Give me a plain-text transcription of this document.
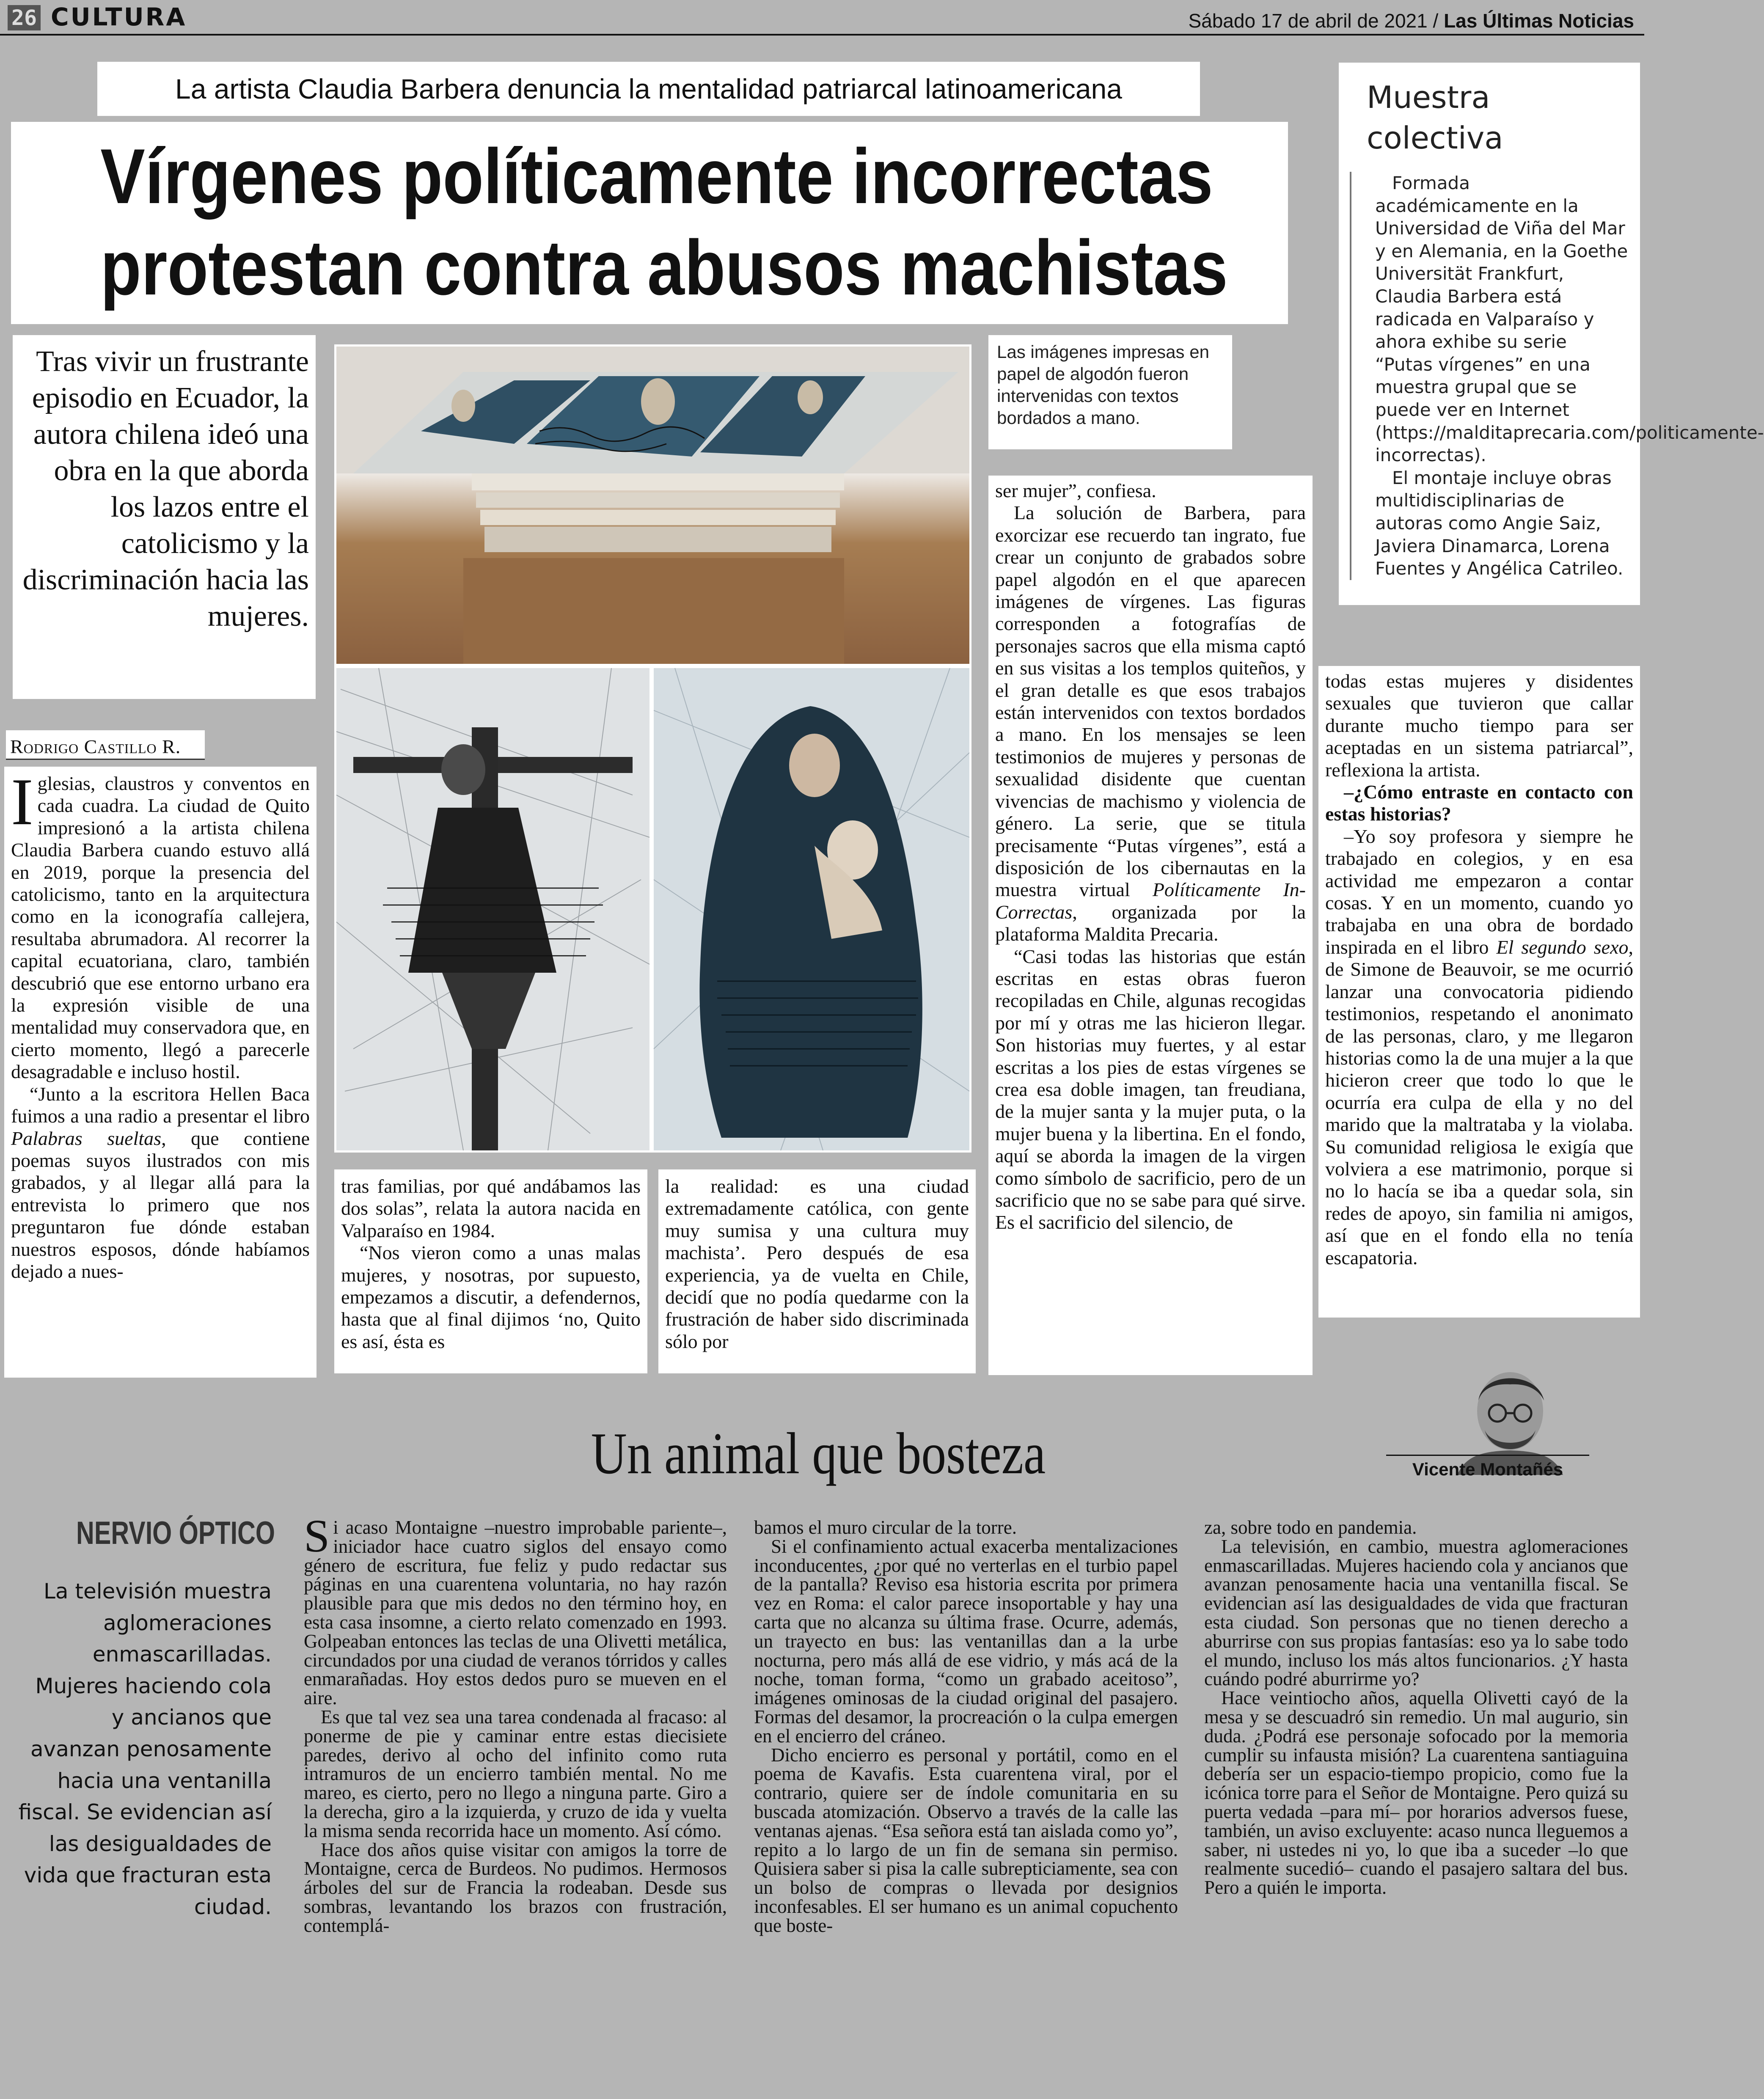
26 CULTURA	Sábado 17 de abril de 2021 / Las Últimas Noticias
La artista Claudia Barbera denuncia la mentalidad patriarcal latinoamericana
Vírgenes políticamente incorrectas
protestan contra abusos machistas
Tras vivir un frustrante episodio en Ecuador, la autora chilena ideó una obra en la que aborda los lazos entre el catolicismo y la discriminación hacia las mujeres.
Rodrigo Castillo R.

Iglesias, claustros y conventos en cada cuadra. La ciudad de Quito impresionó a la artista chilena Claudia Barbera cuando estuvo allá en 2019, porque la presencia del catolicismo, tanto en la arquitectura como en la iconografía callejera, resultaba abrumadora. Al recorrer la capital ecuatoriana, claro, también descubrió que ese entorno urbano era la expresión visible de una mentalidad muy conservadora que, en cierto momento, llegó a parecerle desagradable e incluso hostil.

“Junto a la escritora Hellen Baca fuimos a una radio a presentar el libro Palabras sueltas, que contiene poemas suyos ilustrados con mis grabados, y al llegar allá para la entrevista lo primero que nos preguntaron fue dónde estaban nuestros esposos, dónde habíamos dejado a nues-

Las imágenes impresas en papel de algodón fueron intervenidas con textos bordados a mano.

tras familias, por qué andábamos las dos solas”, relata la autora nacida en Valparaíso en 1984.

“Nos vieron como a unas malas mujeres, y nosotras, por supuesto, empezamos a discutir, a defendernos, hasta que al final dijimos ‘no, Quito es así, ésta es

la realidad: es una ciudad extremadamente católica, con gente muy sumisa y una cultura muy machista’. Pero después de esa experiencia, ya de vuelta en Chile, decidí que no podía quedarme con la frustración de haber sido discriminada sólo por

ser mujer”, confiesa.

La solución de Barbera, para exorcizar ese recuerdo tan ingrato, fue crear un conjunto de grabados sobre papel algodón en el que aparecen imágenes de vírgenes. Las figuras corresponden a fotografías de personajes sacros que ella misma captó en sus visitas a los templos quiteños, y el gran detalle es que esos trabajos están intervenidos con textos bordados a mano. En los mensajes se leen testimonios de mujeres y personas de sexualidad disidente que cuentan vivencias de machismo y violencia de género. La serie, que se titula precisamente “Putas vírgenes”, está a disposición de los cibernautas en la muestra virtual Políticamente In-Correctas, organizada por la plataforma Maldita Precaria.

“Casi todas las historias que están escritas en estas obras fueron recopiladas en Chile, algunas recogidas por mí y otras me las hicieron llegar. Son historias muy fuertes, y al estar escritas a los pies de estas vírgenes se crea esa doble imagen, tan freudiana, de la mujer santa y la mujer puta, o la mujer buena y la libertina. En el fondo, aquí se aborda la imagen de la virgen como símbolo de sacrificio, pero de un sacrificio que no se sabe para qué sirve. Es el sacrificio del silencio, de

Muestra
colectiva

Formada académicamente en la Universidad de Viña del Mar y en Alemania, en la Goethe Universität Frankfurt, Claudia Barbera está radicada en Valparaíso y ahora exhibe su serie “Putas vírgenes” en una muestra grupal que se puede ver en Internet (https://malditaprecaria.com/politicamente-incorrectas).

El montaje incluye obras multidisciplinarias de autoras como Angie Saiz, Javiera Dinamarca, Lorena Fuentes y Angélica Catrileo.

todas estas mujeres y disidentes sexuales que tuvieron que callar durante mucho tiempo para ser aceptadas en un sistema patriarcal”, reflexiona la artista.

–¿Cómo entraste en contacto con estas historias?

–Yo soy profesora y siempre he trabajado en colegios, y en esa actividad me empezaron a contar cosas. Y en un momento, cuando yo trabajaba en una obra de bordado inspirada en el libro El segundo sexo, de Simone de Beauvoir, se me ocurrió lanzar una convocatoria pidiendo testimonios, respetando el anonimato de las personas, claro, y me llegaron historias como la de una mujer a la que hicieron creer que todo lo que le ocurría era culpa de ella y no del marido que la maltrataba y la violaba. Su comunidad religiosa le exigía que volviera a ese matrimonio, porque si no lo hacía se iba a quedar sola, sin redes de apoyo, sin familia ni amigos, así que en el fondo ella no tenía escapatoria.

Un animal que bosteza	Vicente Montañés
NERVIO ÓPTICO
La televisión muestra aglomeraciones enmascarilladas. Mujeres haciendo cola y ancianos que avanzan penosamente hacia una ventanilla fiscal. Se evidencian así las desigualdades de vida que fracturan esta ciudad.

Si acaso Montaigne –nuestro improbable pariente–, iniciador hace cuatro siglos del ensayo como género de escritura, fue feliz y pudo redactar sus páginas en una cuarentena voluntaria, no hay razón plausible para que mis dedos no den término hoy, en esta casa insomne, a cierto relato comenzado en 1993. Golpeaban entonces las teclas de una Olivetti metálica, circundados por una ciudad de veranos tórridos y calles enmarañadas. Hoy estos dedos puro se mueven en el aire.

Es que tal vez sea una tarea condenada al fracaso: al ponerme de pie y caminar entre estas diecisiete paredes, derivo al ocho del infinito como ruta intramuros de un encierro también mental. No me mareo, es cierto, pero no llego a ninguna parte. Giro a la derecha, giro a la izquierda, y cruzo de ida y vuelta la misma senda recorrida hace un momento. Así cómo.

Hace dos años quise visitar con amigos la torre de Montaigne, cerca de Burdeos. No pudimos. Hermosos árboles del sur de Francia la rodeaban. Desde sus sombras, levantando los brazos con frustración, contemplá-

bamos el muro circular de la torre.

Si el confinamiento actual exacerba mentalizaciones inconducentes, ¿por qué no verterlas en el turbio papel de la pantalla? Reviso esa historia escrita por primera vez en Roma: el calor parece insoportable y hay una carta que no alcanza su última frase. Ocurre, además, un trayecto en bus: las ventanillas dan a la urbe nocturna, pero más allá de ese vidrio, y más acá de la noche, toman forma, “como un grabado aceitoso”, imágenes ominosas de la ciudad original del pasajero. Formas del desamor, la procreación o la culpa emergen en el encierro del cráneo.

Dicho encierro es personal y portátil, como en el poema de Kavafis. Esta cuarentena viral, por el contrario, quiere ser de índole comunitaria en su buscada atomización. Observo a través de la calle las ventanas ajenas. “Esa señora está tan aislada como yo”, repito a lo largo de un fin de semana sin permiso. Quisiera saber si pisa la calle subrepticiamente, sea con un bolso de compras o llevada por designios inconfesables. El ser humano es un animal copuchento que boste-

za, sobre todo en pandemia.

La televisión, en cambio, muestra aglomeraciones enmascarilladas. Mujeres haciendo cola y ancianos que avanzan penosamente hacia una ventanilla fiscal. Se evidencian así las desigualdades de vida que fracturan esta ciudad. Son personas que no tienen derecho a aburrirse con sus propias fantasías: eso ya lo sabe todo el mundo, incluso los más altos funcionarios. ¿Y hasta cuándo podré aburrirme yo?

Hace veintiocho años, aquella Olivetti cayó de la mesa y se descuadró sin remedio. Un mal augurio, sin duda. ¿Podrá ese personaje sofocado por la memoria cumplir su infausta misión? La cuarentena santiaguina debería ser un espacio-tiempo propicio, como fue la icónica torre para el Señor de Montaigne. Pero quizá su puerta vedada –para mí– por horarios adversos fuese, también, un aviso excluyente: acaso nunca lleguemos a saber, ni ustedes ni yo, lo que iba a suceder –lo que realmente sucedió– cuando el pasajero saltara del bus. Pero a quién le importa.
